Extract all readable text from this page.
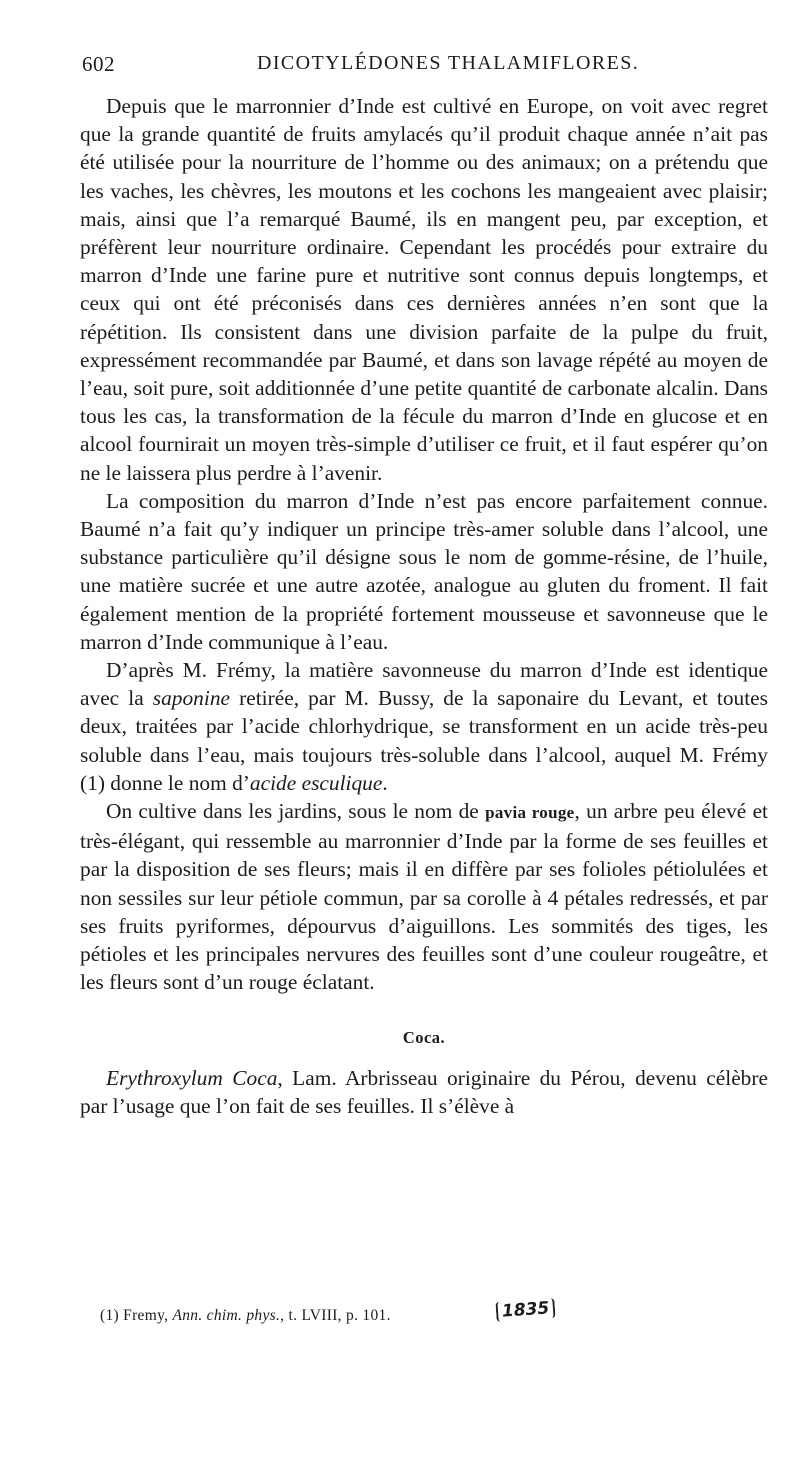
602	DICOTYLÉDONES THALAMIFLORES.

Depuis que le marronnier d’Inde est cultivé en Europe, on voit avec regret que la grande quantité de fruits amylacés qu’il produit chaque année n’ait pas été utilisée pour la nourriture de l’homme ou des animaux; on a prétendu que les vaches, les chèvres, les moutons et les cochons les mangeaient avec plaisir; mais, ainsi que l’a remarqué Baumé, ils en mangent peu, par exception, et préfèrent leur nourriture ordinaire. Cependant les procédés pour extraire du marron d’Inde une farine pure et nutritive sont connus depuis longtemps, et ceux qui ont été préconisés dans ces dernières années n’en sont que la répétition. Ils consistent dans une division parfaite de la pulpe du fruit, expressément recommandée par Baumé, et dans son lavage répété au moyen de l’eau, soit pure, soit additionnée d’une petite quantité de carbonate alcalin. Dans tous les cas, la transformation de la fécule du marron d’Inde en glucose et en alcool fournirait un moyen très-simple d’utiliser ce fruit, et il faut espérer qu’on ne le laissera plus perdre à l’avenir.

La composition du marron d’Inde n’est pas encore parfaitement connue. Baumé n’a fait qu’y indiquer un principe très-amer soluble dans l’alcool, une substance particulière qu’il désigne sous le nom de gomme-résine, de l’huile, une matière sucrée et une autre azotée, analogue au gluten du froment. Il fait également mention de la propriété fortement mousseuse et savonneuse que le marron d’Inde communique à l’eau.

D’après M. Frémy, la matière savonneuse du marron d’Inde est identique avec la saponine retirée, par M. Bussy, de la saponaire du Levant, et toutes deux, traitées par l’acide chlorhydrique, se transforment en un acide très-peu soluble dans l’eau, mais toujours très-soluble dans l’alcool, auquel M. Frémy (1) donne le nom d’acide esculique.

On cultive dans les jardins, sous le nom de pavia rouge, un arbre peu élevé et très-élégant, qui ressemble au marronnier d’Inde par la forme de ses feuilles et par la disposition de ses fleurs; mais il en diffère par ses folioles pétiolulées et non sessiles sur leur pétiole commun, par sa corolle à 4 pétales redressés, et par ses fruits pyriformes, dépourvus d’aiguillons. Les sommités des tiges, les pétioles et les principales nervures des feuilles sont d’une couleur rougeâtre, et les fleurs sont d’un rouge éclatant.

Coca.

Erythroxylum Coca, Lam. Arbrisseau originaire du Pérou, devenu célèbre par l’usage que l’on fait de ses feuilles. Il s’élève à

(1) Fremy, Ann. chim. phys., t. LVIII, p. 101.	1835
